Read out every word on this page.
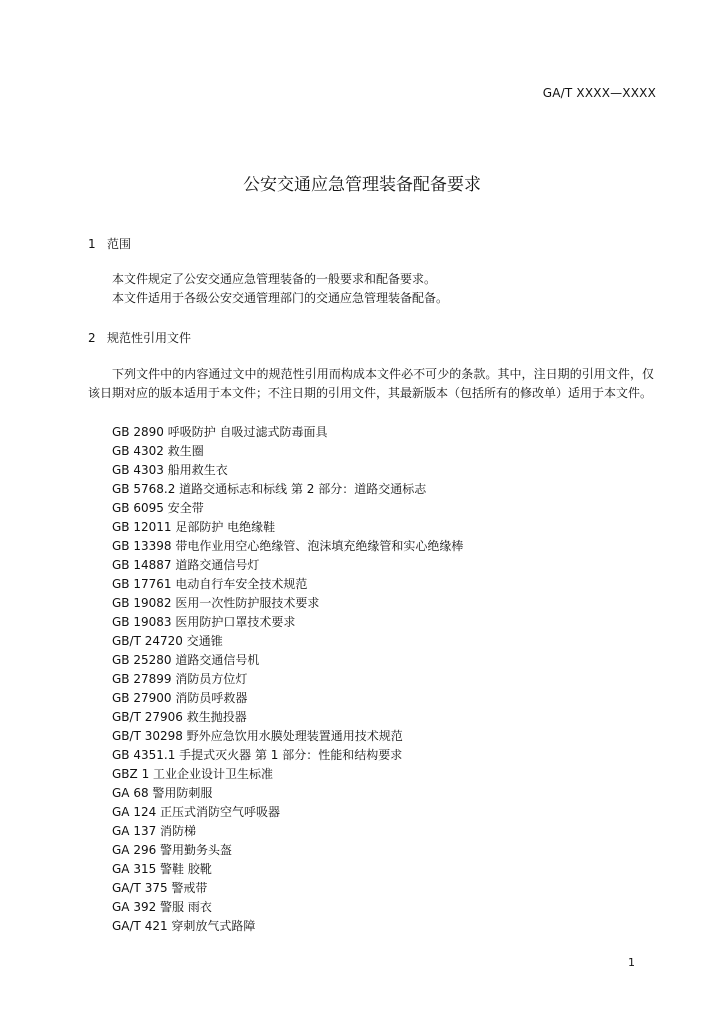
GA/T XXXX—XXXX
公安交通应急管理装备配备要求
1 范围

本文件规定了公安交通应急管理装备的一般要求和配备要求。

本文件适用于各级公安交通管理部门的交通应急管理装备配备。

2 规范性引用文件

下列文件中的内容通过文中的规范性引用而构成本文件必不可少的条款。其中，注日期的引用文件，仅该日期对应的版本适用于本文件；不注日期的引用文件，其最新版本（包括所有的修改单）适用于本文件。

GB 2890 呼吸防护 自吸过滤式防毒面具
GB 4302 救生圈
GB 4303 船用救生衣
GB 5768.2 道路交通标志和标线 第 2 部分：道路交通标志
GB 6095 安全带
GB 12011 足部防护 电绝缘鞋
GB 13398 带电作业用空心绝缘管、泡沫填充绝缘管和实心绝缘棒
GB 14887 道路交通信号灯
GB 17761 电动自行车安全技术规范
GB 19082 医用一次性防护服技术要求
GB 19083 医用防护口罩技术要求
GB/T 24720 交通锥
GB 25280 道路交通信号机
GB 27899 消防员方位灯
GB 27900 消防员呼救器
GB/T 27906 救生抛投器
GB/T 30298 野外应急饮用水膜处理装置通用技术规范
GB 4351.1 手提式灭火器 第 1 部分：性能和结构要求
GBZ 1 工业企业设计卫生标准
GA 68 警用防刺服
GA 124 正压式消防空气呼吸器
GA 137 消防梯
GA 296 警用勤务头盔
GA 315 警鞋 胶靴
GA/T 375 警戒带
GA 392 警服 雨衣
GA/T 421 穿刺放气式路障
1
